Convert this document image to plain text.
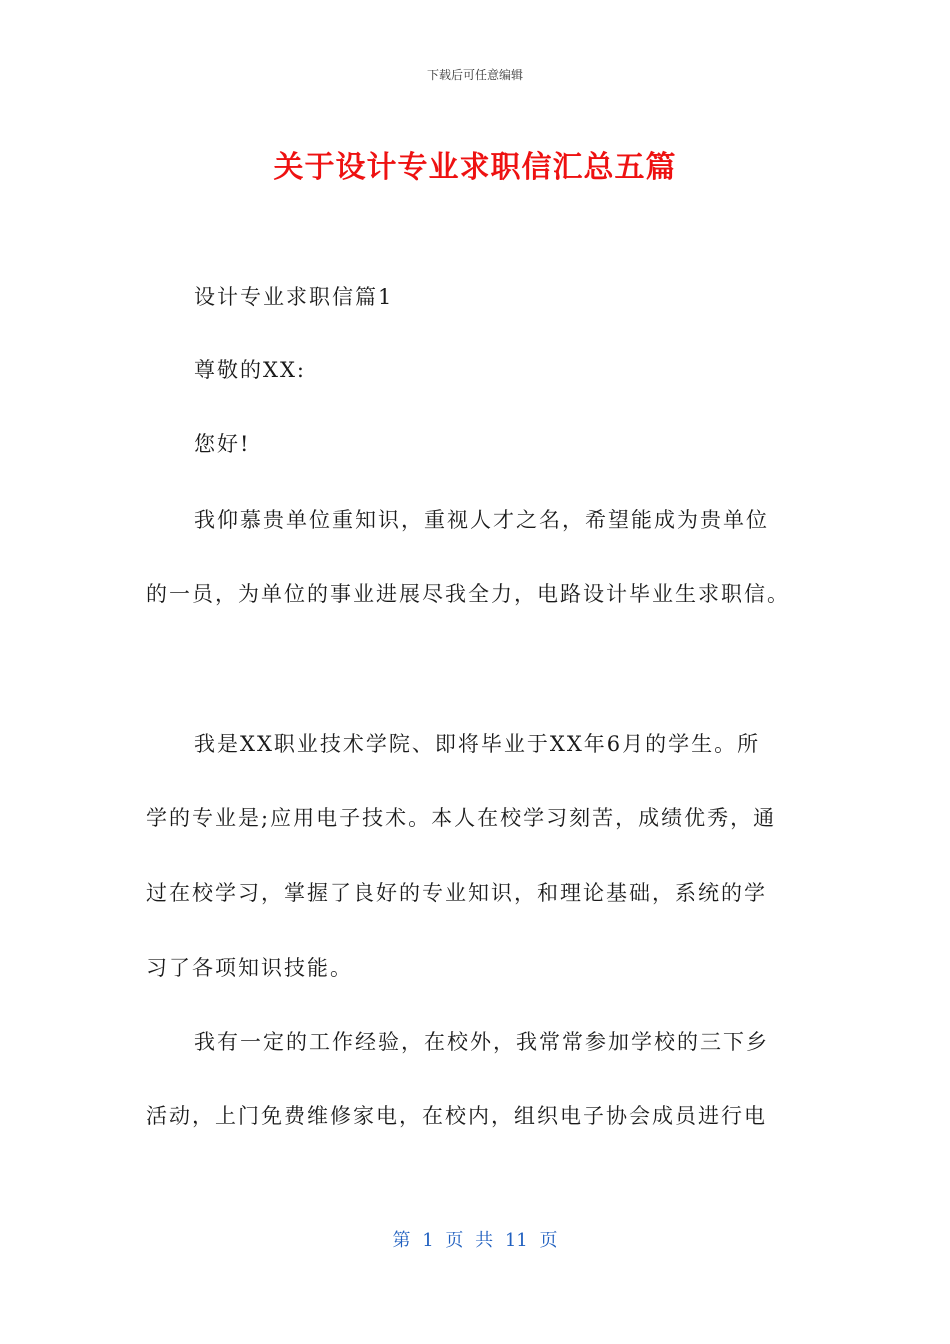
下载后可任意编辑
关于设计专业求职信汇总五篇
设计专业求职信篇1
尊敬的XX:
您好!
我仰慕贵单位重知识，重视人才之名，希望能成为贵单位
的一员，为单位的事业进展尽我全力，电路设计毕业生求职信。
我是XX职业技术学院、即将毕业于XX年6月的学生。所
学的专业是;应用电子技术。本人在校学习刻苦，成绩优秀，通
过在校学习，掌握了良好的专业知识，和理论基础，系统的学
习了各项知识技能。
我有一定的工作经验，在校外，我常常参加学校的三下乡
活动，上门免费维修家电，在校内，组织电子协会成员进行电
第 1 页 共 11 页
